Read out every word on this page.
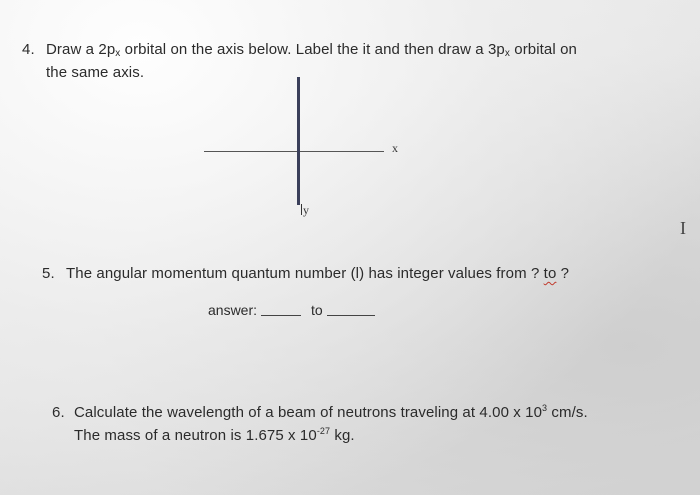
4. Draw a $2p_x$ orbital on the axis below. Label the it and then draw a $3p_x$ orbital on
the same axis.
x
y
I
5. The angular momentum quantum number (l) has integer values from ? to ?
answer:	to
6. Calculate the wavelength of a beam of neutrons traveling at 4.00 x $10^3$ cm/s.
The mass of a neutron is 1.675 x $10^{-27}$ kg.
